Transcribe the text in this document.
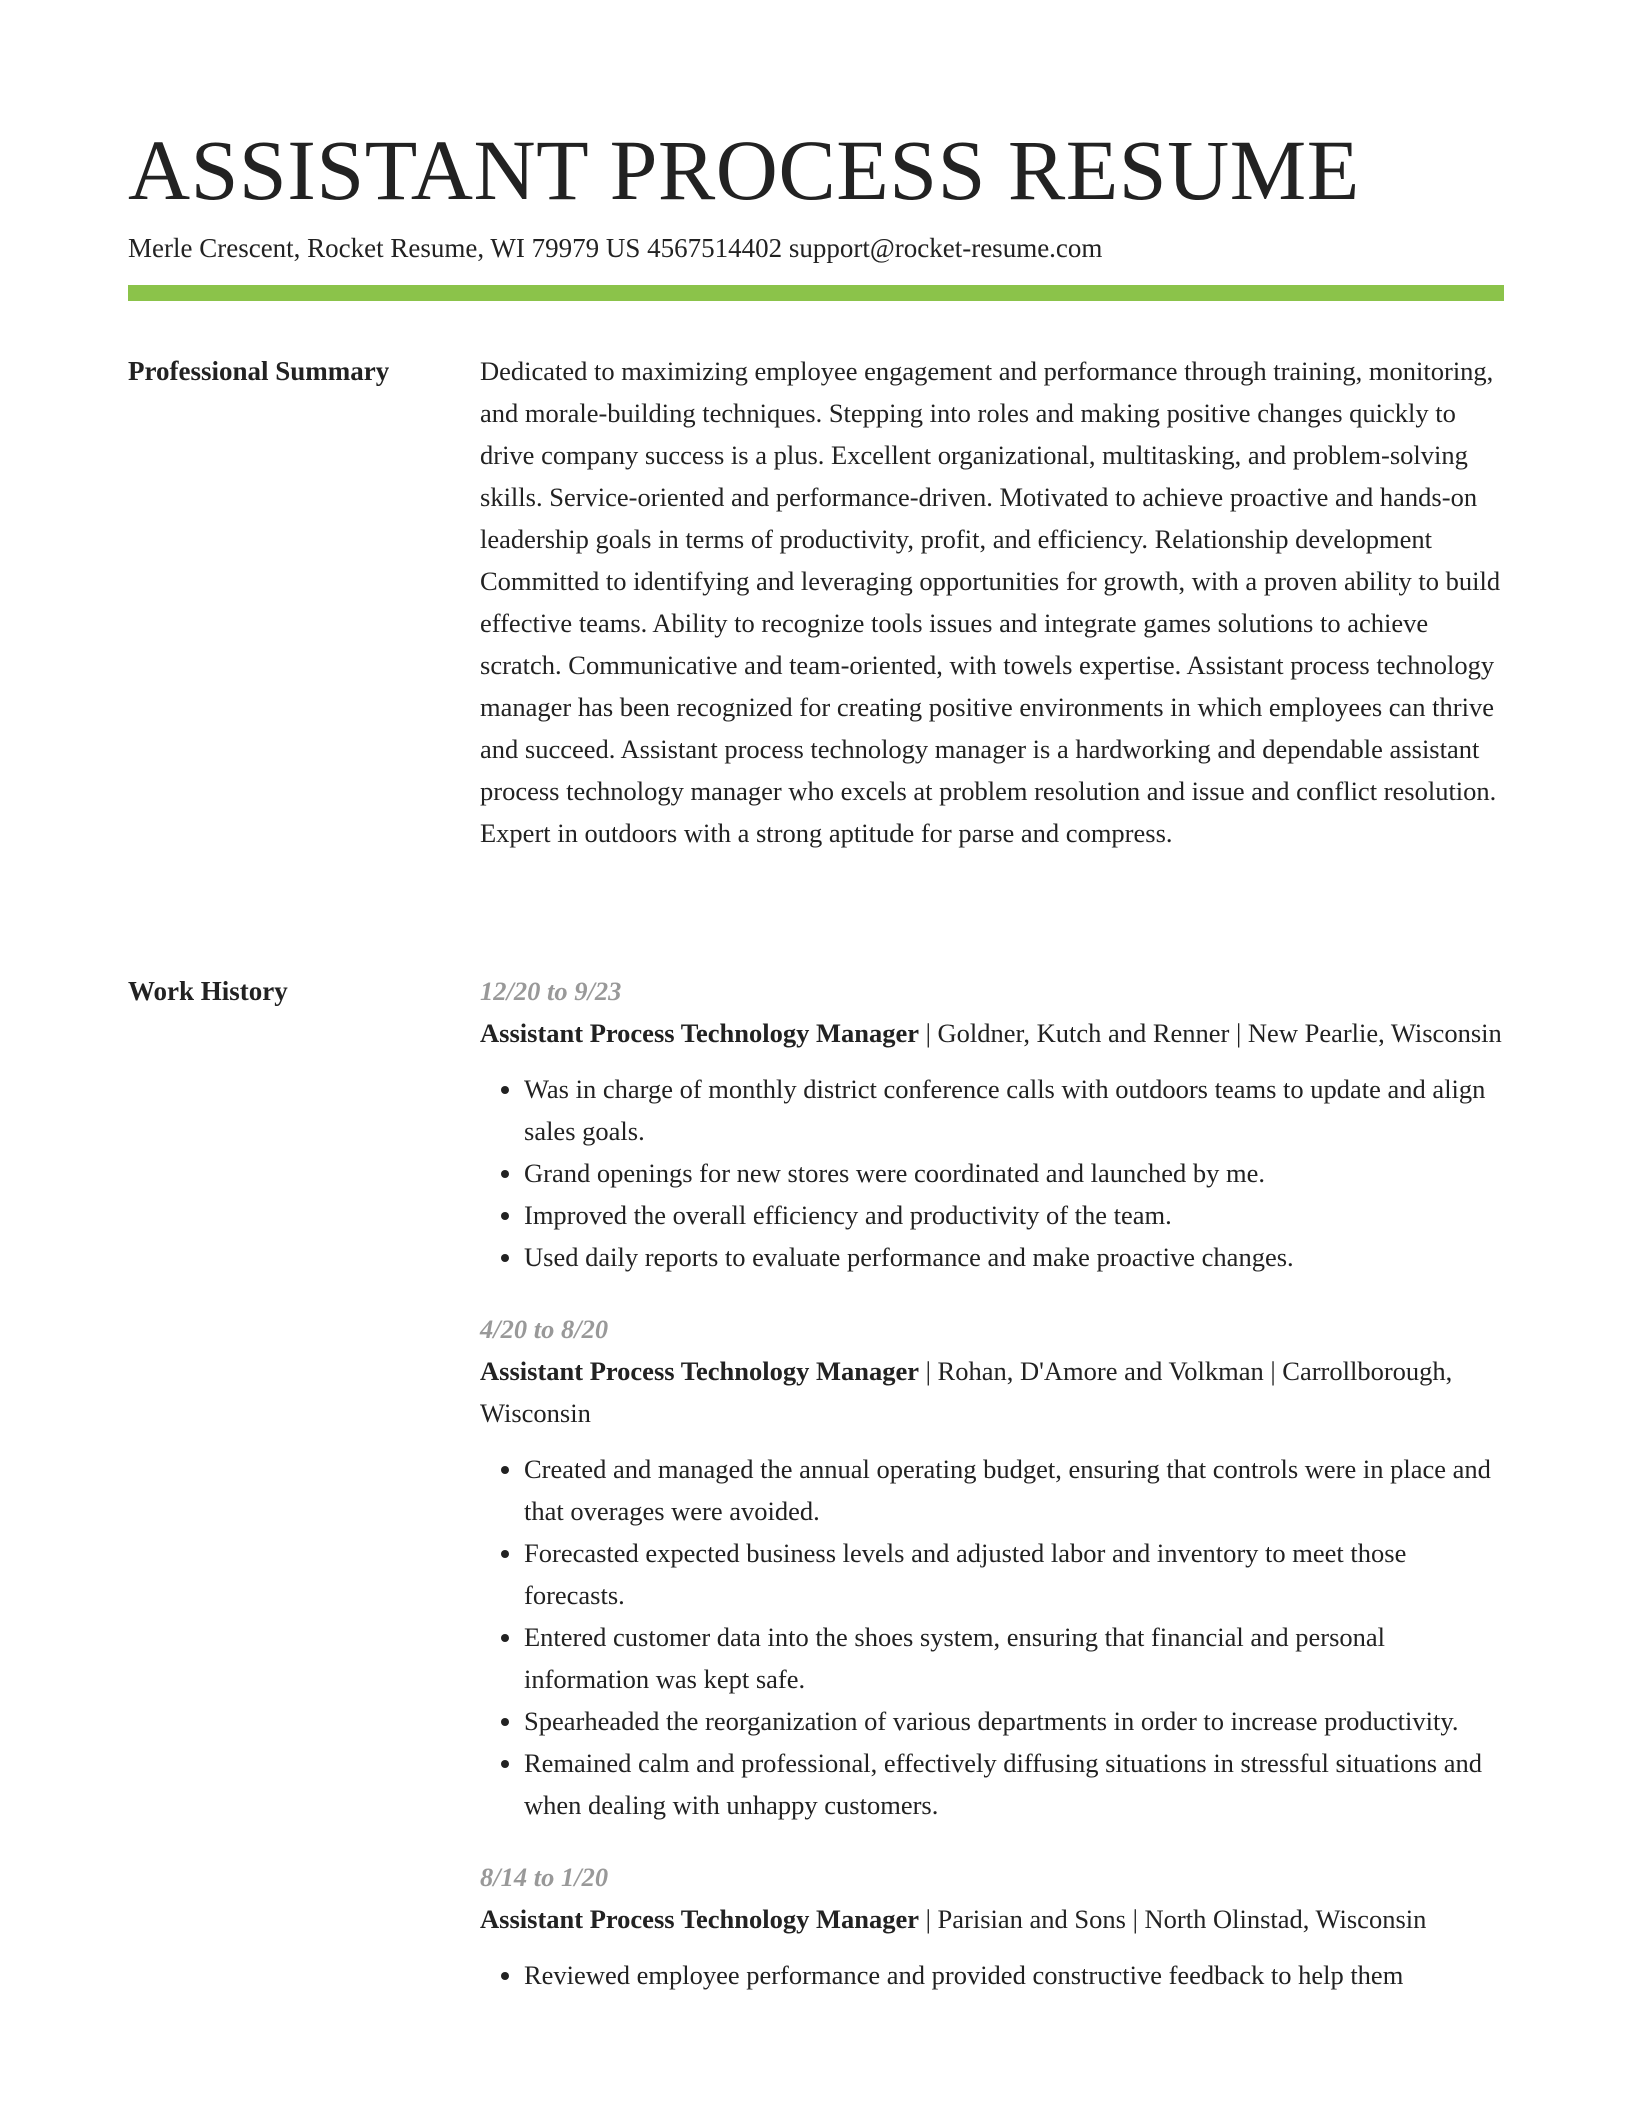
ASSISTANT PROCESS RESUME
Merle Crescent, Rocket Resume, WI 79979 US 4567514402 support@rocket-resume.com
Professional Summary	Dedicated to maximizing employee engagement and performance through training, monitoring, and morale-building techniques. Stepping into roles and making positive changes quickly to drive company success is a plus. Excellent organizational, multitasking, and problem-solving skills. Service-oriented and performance-driven. Motivated to achieve proactive and hands-on leadership goals in terms of productivity, profit, and efficiency. Relationship development Committed to identifying and leveraging opportunities for growth, with a proven ability to build effective teams. Ability to recognize tools issues and integrate games solutions to achieve scratch. Communicative and team-oriented, with towels expertise. Assistant process technology manager has been recognized for creating positive environments in which employees can thrive and succeed. Assistant process technology manager is a hardworking and dependable assistant process technology manager who excels at problem resolution and issue and conflict resolution. Expert in outdoors with a strong aptitude for parse and compress.

Work History	12/20 to 9/23

Assistant Process Technology Manager | Goldner, Kutch and Renner | New Pearlie, Wisconsin

• Was in charge of monthly district conference calls with outdoors teams to update and align sales goals.
• Grand openings for new stores were coordinated and launched by me.
• Improved the overall efficiency and productivity of the team.
• Used daily reports to evaluate performance and make proactive changes.
4/20 to 8/20

Assistant Process Technology Manager | Rohan, D'Amore and Volkman | Carrollborough, Wisconsin

• Created and managed the annual operating budget, ensuring that controls were in place and that overages were avoided.
• Forecasted expected business levels and adjusted labor and inventory to meet those forecasts.
• Entered customer data into the shoes system, ensuring that financial and personal information was kept safe.
• Spearheaded the reorganization of various departments in order to increase productivity.
• Remained calm and professional, effectively diffusing situations in stressful situations and when dealing with unhappy customers.
8/14 to 1/20

Assistant Process Technology Manager | Parisian and Sons | North Olinstad, Wisconsin

• Reviewed employee performance and provided constructive feedback to help them
